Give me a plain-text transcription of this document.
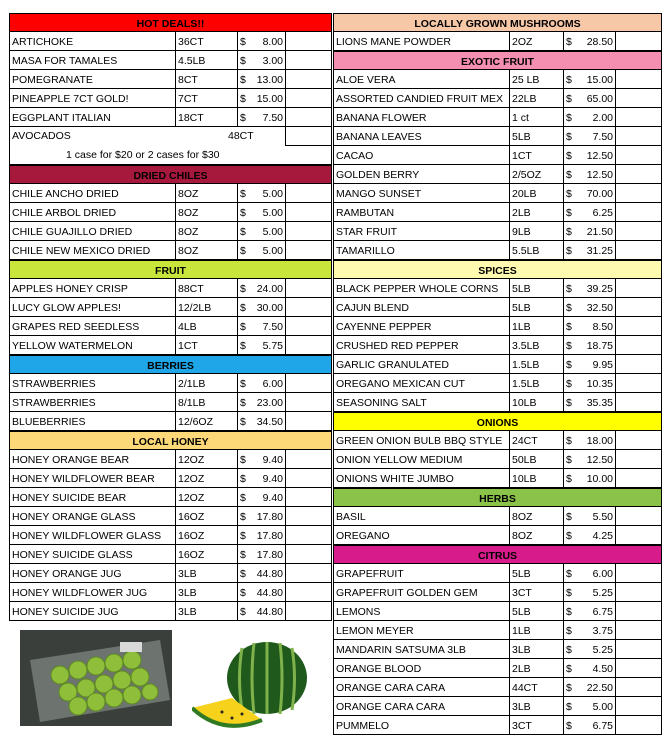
HOT DEALS!!
ARTICHOKE	36CT	$ 8.00
MASA FOR TAMALES	4.5LB	$ 3.00
POMEGRANATE	8CT	$ 13.00
PINEAPPLE 7CT GOLD!	7CT	$ 15.00
EGGPLANT ITALIAN	18CT	$ 7.50
AVOCADOS	48CT
1 case for $20 or 2 cases for $30
DRIED CHILES
CHILE ANCHO DRIED	8OZ	$ 5.00
CHILE ARBOL DRIED	8OZ	$ 5.00
CHILE GUAJILLO DRIED	8OZ	$ 5.00
CHILE NEW MEXICO DRIED	8OZ	$ 5.00
FRUIT
APPLES HONEY CRISP	88CT	$ 24.00
LUCY GLOW APPLES!	12/2LB	$ 30.00
GRAPES RED SEEDLESS	4LB	$ 7.50
YELLOW WATERMELON	1CT	$ 5.75
BERRIES
STRAWBERRIES	2/1LB	$ 6.00
STRAWBERRIES	8/1LB	$ 23.00
BLUEBERRIES	12/6OZ	$ 34.50
LOCAL HONEY
HONEY ORANGE BEAR	12OZ	$ 9.40
HONEY WILDFLOWER BEAR	12OZ	$ 9.40
HONEY SUICIDE BEAR	12OZ	$ 9.40
HONEY ORANGE GLASS	16OZ	$ 17.80
HONEY WILDFLOWER GLASS	16OZ	$ 17.80
HONEY SUICIDE GLASS	16OZ	$ 17.80
HONEY ORANGE JUG	3LB	$ 44.80
HONEY WILDFLOWER JUG	3LB	$ 44.80
HONEY SUICIDE JUG	3LB	$ 44.80
LOCALLY GROWN MUSHROOMS
LIONS MANE POWDER	2OZ	$ 28.50
EXOTIC FRUIT
ALOE VERA	25 LB	$ 15.00
ASSORTED CANDIED FRUIT MEX 22LB	$ 65.00
BANANA FLOWER	1 ct	$ 2.00
BANANA LEAVES	5LB	$ 7.50
CACAO	1CT	$ 12.50
GOLDEN BERRY	2/5OZ	$ 12.50
MANGO SUNSET	20LB	$ 70.00
RAMBUTAN	2LB	$ 6.25
STAR FRUIT	9LB	$ 21.50
TAMARILLO	5.5LB	$ 31.25
SPICES
BLACK PEPPER WHOLE CORNS	5LB	$ 39.25
CAJUN BLEND	5LB	$ 32.50
CAYENNE PEPPER	1LB	$ 8.50
CRUSHED RED PEPPER	3.5LB	$ 18.75
GARLIC GRANULATED	1.5LB	$ 9.95
OREGANO MEXICAN CUT	1.5LB	$ 10.35
SEASONING SALT	10LB	$ 35.35
ONIONS
GREEN ONION BULB BBQ STYLE 24CT	$ 18.00
ONION YELLOW MEDIUM	50LB	$ 12.50
ONIONS WHITE JUMBO	10LB	$ 10.00
HERBS
BASIL	8OZ	$ 5.50
OREGANO	8OZ	$ 4.25
CITRUS
GRAPEFRUIT	5LB	$ 6.00
GRAPEFRUIT GOLDEN GEM	3CT	$ 5.25
LEMONS	5LB	$ 6.75
LEMON MEYER	1LB	$ 3.75
MANDARIN SATSUMA 3LB	3LB	$ 5.25
ORANGE BLOOD	2LB	$ 4.50
ORANGE CARA CARA	44CT	$ 22.50
ORANGE CARA CARA	3LB	$ 5.00
PUMMELO	3CT	$ 6.75
